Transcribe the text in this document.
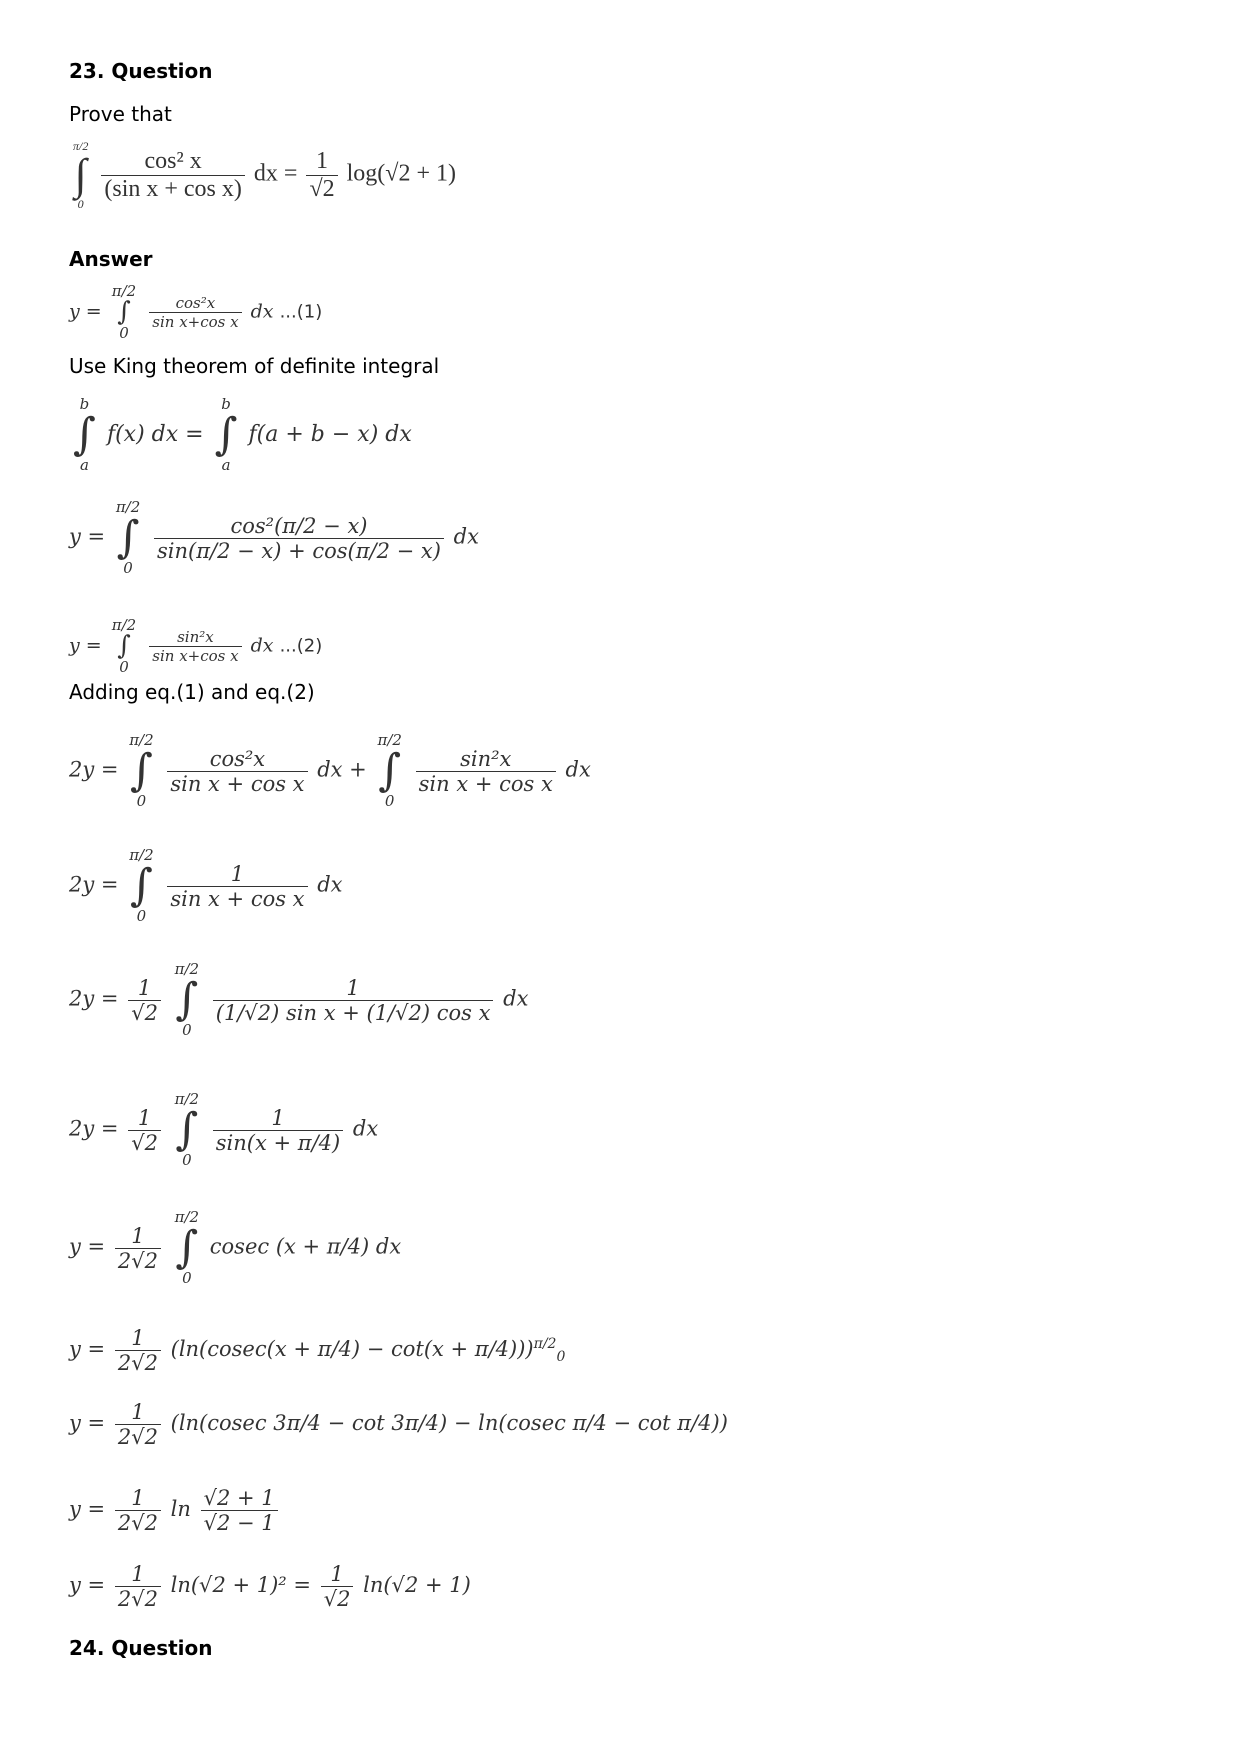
23. Question
Prove that
π/2
∫
0

$\frac{\text{cos² x}}{\text{(sin x + cos x)}}$ dx = $\frac{1}{√2} \log(√2 + 1)$
Answer
y =
π/2
∫
0

$\frac{\text{cos²x}}{\text{sin x+cos x}}$ dx ...(1)
Use King theorem of definite integral
b
∫
a
f(x) dx =
b
∫
a
f(a + b − x) dx
y =
π/2
∫
0

$\frac{\text{cos²(π/2 − x)}}{\sin(\pi/2 - x) + \cos(\pi/2 - x)}$ dx
y =
π/2
∫
0

$\frac{\text{sin²x}}{\text{sin x+cos x}}$ dx ...(2)
Adding eq.(1) and eq.(2)
2y =
π/2
∫
0

$\frac{\text{cos²x}}{\text{sin x + cos x}}$ dx +
π/2
∫
0

$\frac{\text{sin²x}}{\text{sin x + cos x}}$ dx
2y =
π/2
∫
0

$\frac{1}{\text{sin x + cos x}}$ dx
$2y = \frac{1}{√2}$

π/2
∫
0

$\frac{1}{\text{(1/√2) sin x + (1/√2) cos x}}$ dx
$2y = \frac{1}{√2}$

π/2
∫
0

$\frac{1}{\sin(x + \pi/4)}$ dx
$y = \frac{1}{2√2}$

π/2
∫
0
cosec (x + π/4) dx
$y = \frac{1}{2√2} (\ln(cosec(x + \pi/4) - \cot(x + \pi/4)))^{\pi/2}_0$
$y = \frac{1}{2√2} (\ln(cosec$ 3π/4 − cot 3π/4) − ln(cosec π/4 − cot π/4))
$y = \frac{1}{2√2}$ $\ln \frac{√2 + 1}{√2 - 1}$
$y = \frac{1}{2√2} \ln(√2 + 1)^2 = \frac{1}{√2} \ln(√2 + 1)$
24. Question
